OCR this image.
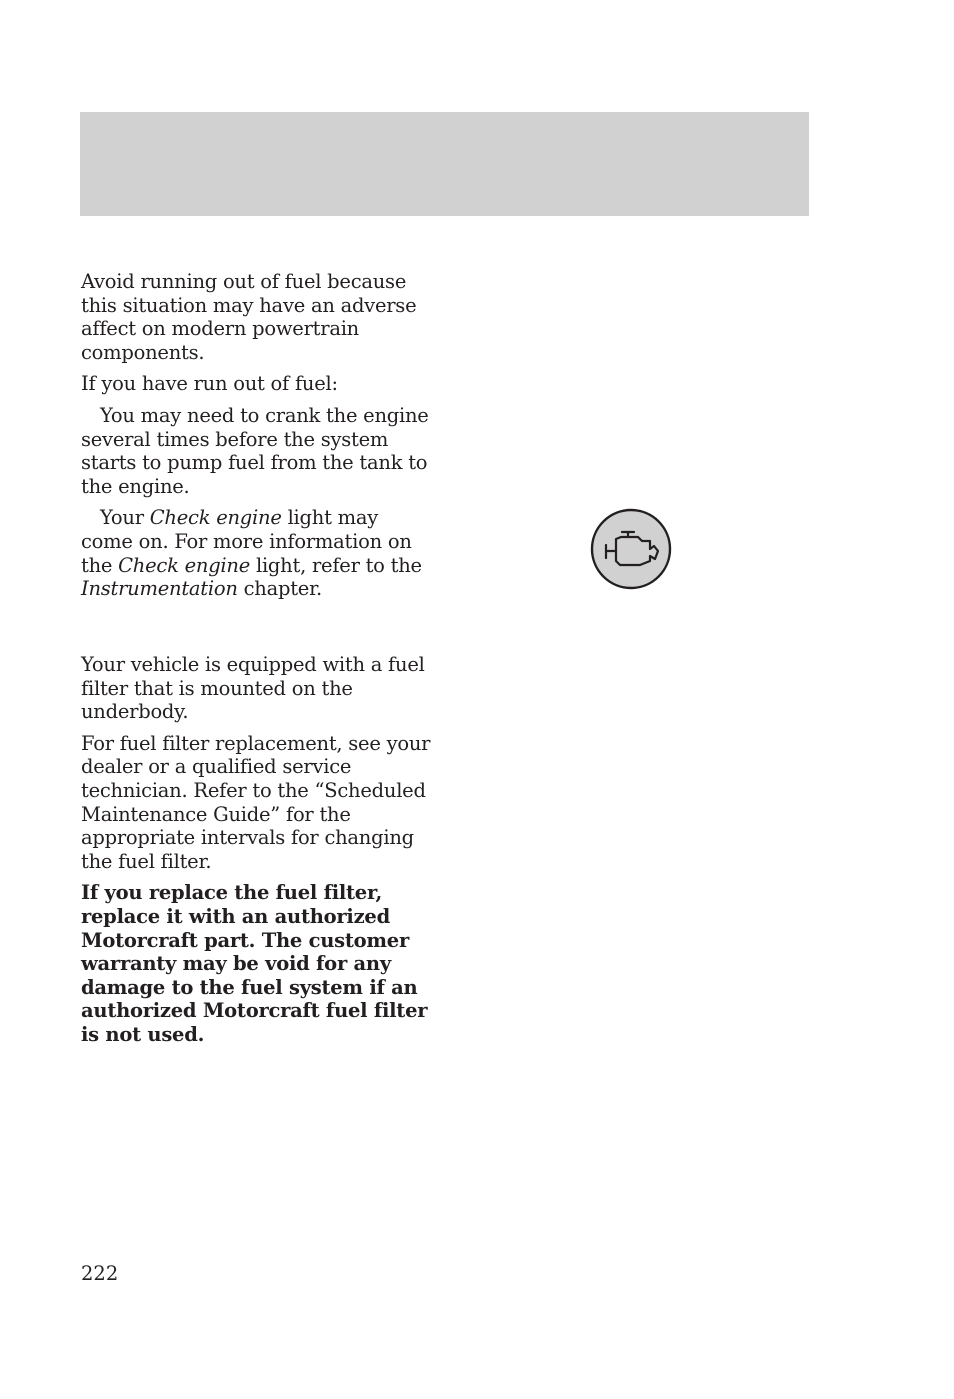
Avoid running out of fuel because this situation may have an adverse affect on modern powertrain components.

If you have run out of fuel:

You may need to crank the engine several times before the system starts to pump fuel from the tank to the engine.

Your Check engine light may come on. For more information on the Check engine light, refer to the Instrumentation chapter.

Your vehicle is equipped with a fuel filter that is mounted on the underbody.

For fuel filter replacement, see your dealer or a qualified service technician. Refer to the “Scheduled Maintenance Guide” for the appropriate intervals for changing the fuel filter.

If you replace the fuel filter, replace it with an authorized Motorcraft part. The customer warranty may be void for any damage to the fuel system if an authorized Motorcraft fuel filter is not used.

222
